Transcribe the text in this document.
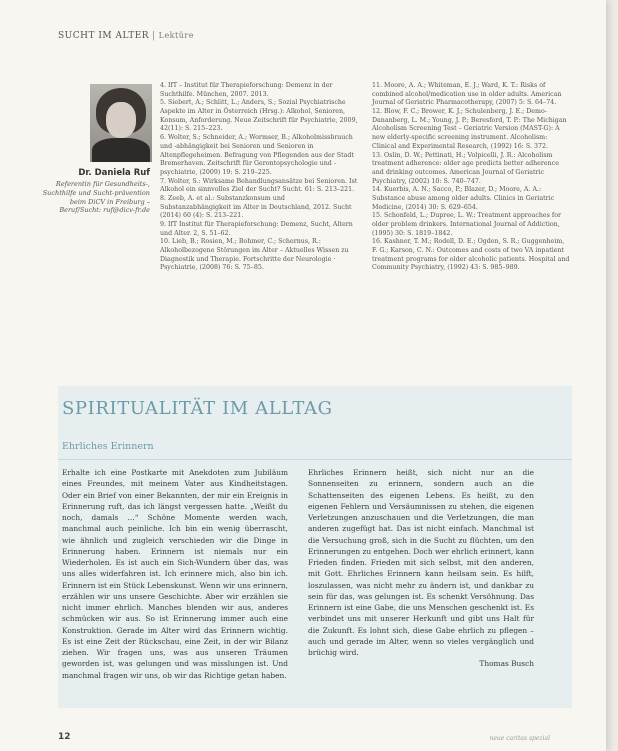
SUCHT IM ALTER | Lektüre
Dr. Daniela Ruf
Referentin für Gesundheits-, Suchthilfe und Sucht-prävention beim DiCV in Freiburg – Beruf/Sucht: ruf@dicv-fr.de

4. IfT – Institut für Therapieforschung: Demenz in der Suchthilfe. München, 2007. 2013.

5. Siebert, A.; Schlitt, L.; Anders, S.; Sozial Psychiatrische Aspekte im Alter in Österreich (Hrsg.): Alkohol, Senioren, Konsum, Anforderung. Neue Zeitschrift für Psychiatrie, 2009, 42(11): S. 215–223.

6. Wolter, S.; Schneider, A.; Wormser, B.; Alkoholmissbrauch und -abhängigkeit bei Senioren und Senioren in Altenpflegeheimen. Befragung von Pflegenden aus der Stadt Bremerhaven. Zeitschrift für Gerontopsychologie und -psychiatrie, (2009) 19: S. 219–225.

7. Wolter, S.: Wirksame Behandlungsansätze bei Senioren. Ist Alkohol ein sinnvolles Ziel der Sucht? Sucht. 61: S. 213–221.

8. Zeeb, A. et al.: Substanzkonsum und Substanzabhängigkeit im Alter in Deutschland, 2012. Sucht (2014) 60 (4): S. 213–221.

9. IfT Institut für Therapieforschung: Demenz, Sucht, Altern und Alter. 2, S. 51–62.

10. Lieb, B.; Rosien, M.; Bohmer, C.; Schernus, R.: Alkoholbezogene Störungen im Alter – Aktuelles Wissen zu Diagnostik und Therapie. Fortschritte der Neurologie · Psychiatrie, (2008) 76: S. 75–85.

11. Moore, A. A.; Whiteman, E. J.; Ward, K. T.: Risks of combined alcohol/medication use in older adults. American Journal of Geriatric Pharmacotherapy, (2007) 5: S. 64–74.

12. Blow, F. C.; Brower, K. J.; Schulenberg, J. E.; Demo-Dananberg, L. M.; Young, J. P.; Beresford, T. P.: The Michigan Alcoholism Screening Test – Geriatric Version (MAST-G): A new elderly-specific screening instrument. Alcoholism: Clinical and Experimental Research, (1992) 16: S. 372.

13. Oslin, D. W.; Pettinati, H.; Volpicelli, J. R.: Alcoholism treatment adherence: older age predicts better adherence and drinking outcomes. American Journal of Geriatric Psychiatry, (2002) 10: S. 740–747.

14. Kuerbis, A. N.; Sacco, P.; Blazer, D.; Moore, A. A.: Substance abuse among older adults. Clinics in Geriatric Medicine, (2014) 30: S. 629–654.

15. Schonfeld, L.; Dupree, L. W.: Treatment approaches for older problem drinkers. International Journal of Addiction, (1995) 30: S. 1819–1842.

16. Kashner, T. M.; Rodell, D. E.; Ogden, S. R.; Guggenheim, F. G.; Karson, C. N.: Outcomes and costs of two VA inpatient treatment programs for older alcoholic patients. Hospital and Community Psychiatry, (1992) 43: S. 985–989.

SPIRITUALITÄT IM ALLTAG
Ehrliches Erinnern

Erhalte ich eine Postkarte mit Anekdoten zum Jubiläum eines Freundes, mit meinem Vater aus Kindheitstagen. Oder ein Brief von einer Bekannten, der mir ein Ereignis in Erinnerung ruft, das ich längst vergessen hatte. „Weißt du noch, damals …“ Schöne Momente werden wach, manchmal auch peinliche. Ich bin ein wenig überrascht, wie ähnlich und zugleich verschieden wir die Dinge in Erinnerung haben. Erinnern ist niemals nur ein Wiederholen. Es ist auch ein Sich-Wundern über das, was uns alles widerfahren ist. Ich erinnere mich, also bin ich. Erinnern ist ein Stück Lebenskunst. Wenn wir uns erinnern, erzählen wir uns unsere Geschichte. Aber wir erzählen sie nicht immer ehrlich. Manches blenden wir aus, anderes schmücken wir aus. So ist Erinnerung immer auch eine Konstruktion. Gerade im Alter wird das Erinnern wichtig. Es ist eine Zeit der Rückschau, eine Zeit, in der wir Bilanz ziehen. Wir fragen uns, was aus unseren Träumen geworden ist, was gelungen und was misslungen ist. Und manchmal fragen wir uns, ob wir das Richtige getan haben.

Ehrliches Erinnern heißt, sich nicht nur an die Sonnenseiten zu erinnern, sondern auch an die Schattenseiten des eigenen Lebens. Es heißt, zu den eigenen Fehlern und Versäumnissen zu stehen, die eigenen Verletzungen anzuschauen und die Verletzungen, die man anderen zugefügt hat. Das ist nicht einfach. Manchmal ist die Versuchung groß, sich in die Sucht zu flüchten, um den Erinnerungen zu entgehen. Doch wer ehrlich erinnert, kann Frieden finden. Frieden mit sich selbst, mit den anderen, mit Gott. Ehrliches Erinnern kann heilsam sein. Es hilft, loszulassen, was nicht mehr zu ändern ist, und dankbar zu sein für das, was gelungen ist. Es schenkt Versöhnung. Das Erinnern ist eine Gabe, die uns Menschen geschenkt ist. Es verbindet uns mit unserer Herkunft und gibt uns Halt für die Zukunft. Es lohnt sich, diese Gabe ehrlich zu pflegen – auch und gerade im Alter, wenn so vieles vergänglich und brüchig wird.

Thomas Busch
12	neue caritas spezial
